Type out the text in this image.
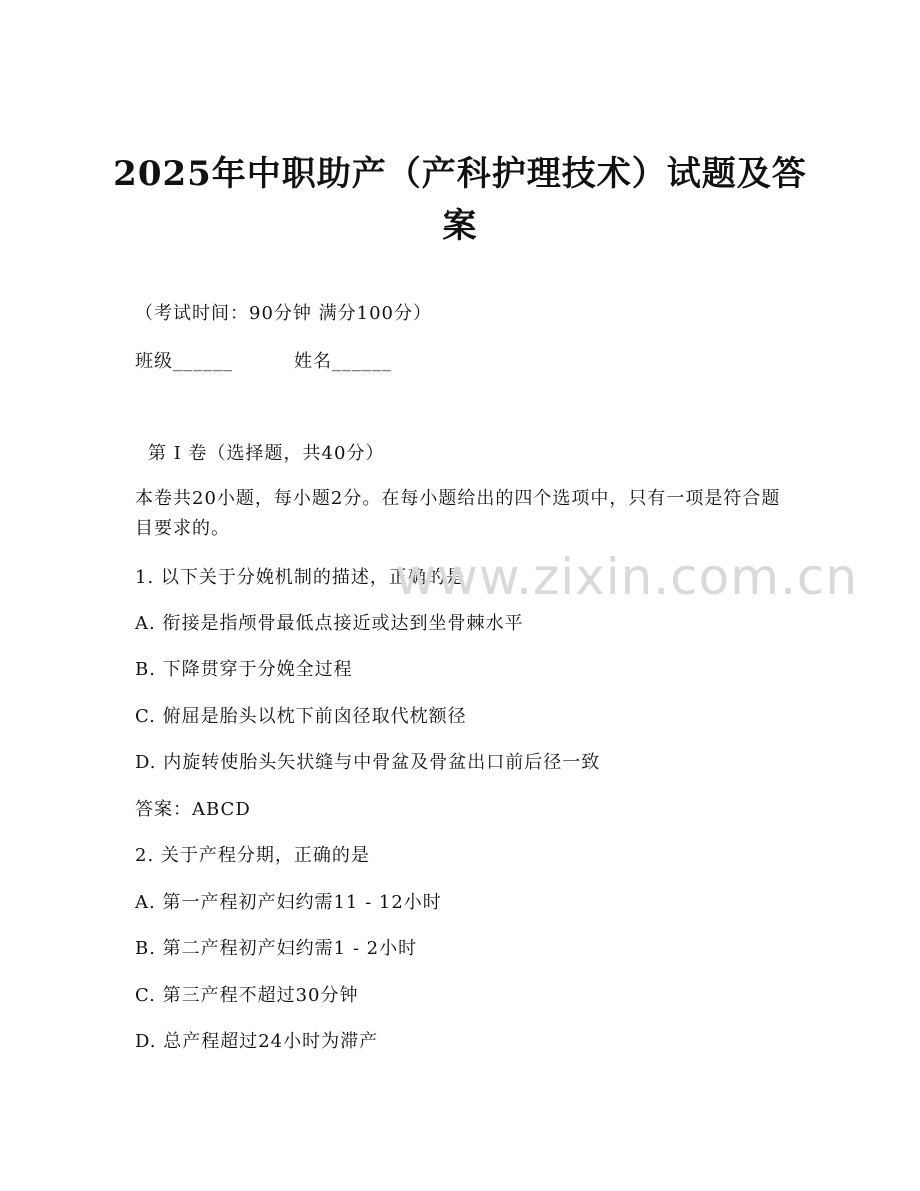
2025年中职助产（产科护理技术）试题及答案
（考试时间：90分钟 满分100分）
班级______	姓名______
第 I 卷（选择题，共40分）
本卷共20小题，每小题2分。在每小题给出的四个选项中，只有一项是符合题目要求的。
1. 以下关于分娩机制的描述，正确的是
A. 衔接是指颅骨最低点接近或达到坐骨棘水平
B. 下降贯穿于分娩全过程
C. 俯屈是胎头以枕下前囟径取代枕额径
D. 内旋转使胎头矢状缝与中骨盆及骨盆出口前后径一致
答案：ABCD
2. 关于产程分期，正确的是
A. 第一产程初产妇约需11 - 12小时
B. 第二产程初产妇约需1 - 2小时
C. 第三产程不超过30分钟
D. 总产程超过24小时为滞产
www.zixin.com.cn
